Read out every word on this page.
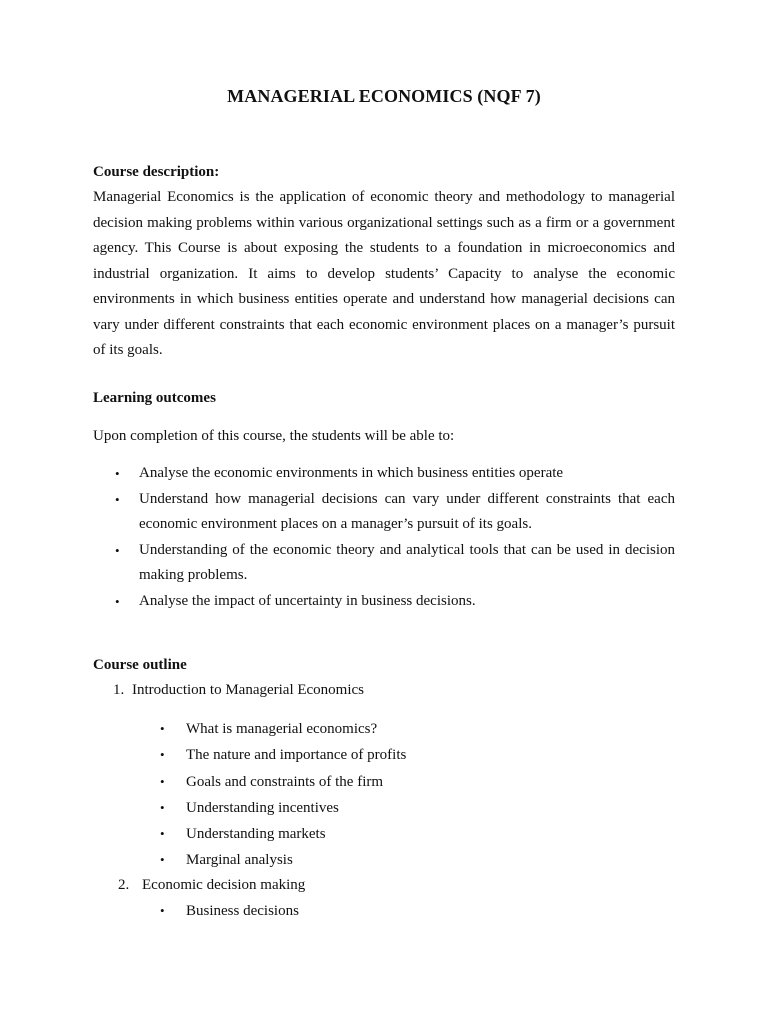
MANAGERIAL ECONOMICS (NQF 7)
Course description:
Managerial Economics is the application of economic theory and methodology to managerial decision making problems within various organizational settings such as a firm or a government agency. This Course is about exposing the students to a foundation in microeconomics and industrial organization. It aims to develop students’ Capacity to analyse the economic environments in which business entities operate and understand how managerial decisions can vary under different constraints that each economic environment places on a manager’s pursuit of its goals.
Learning outcomes
Upon completion of this course, the students will be able to:
• Analyse the economic environments in which business entities operate
• Understand how managerial decisions can vary under different constraints that each economic environment places on a manager’s pursuit of its goals.
• Understanding of the economic theory and analytical tools that can be used in decision making problems.
• Analyse the impact of uncertainty in business decisions.
Course outline
1. Introduction to Managerial Economics
• What is managerial economics?
• The nature and importance of profits
• Goals and constraints of the firm
• Understanding incentives
• Understanding markets
• Marginal analysis
2. Economic decision making
• Business decisions
